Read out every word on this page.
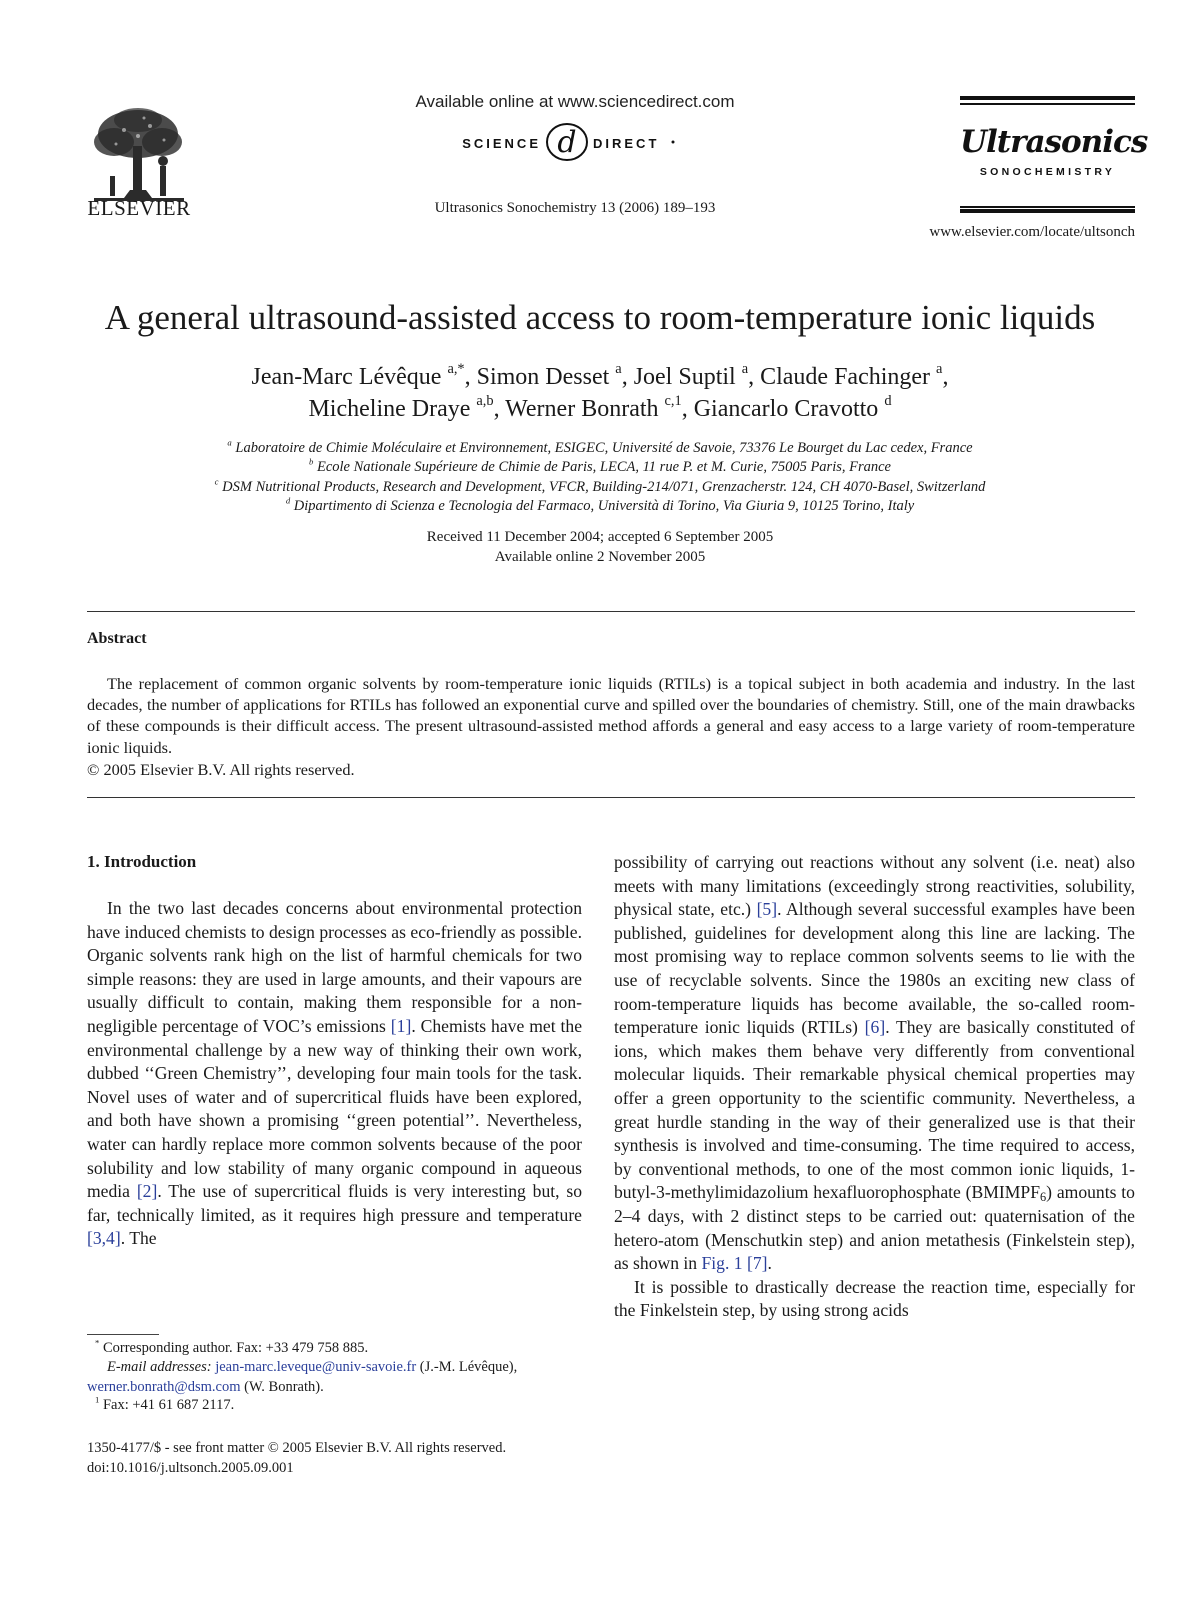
ELSEVIER
Available online at www.sciencedirect.com
SCIENCE d DIRECT
Ultrasonics Sonochemistry 13 (2006) 189–193
Ultrasonics
SONOCHEMISTRY
www.elsevier.com/locate/ultsonch
A general ultrasound-assisted access to room-temperature ionic liquids
Jean-Marc Lévêque $^{a,*}$, Simon Desset $^a$, Joel Suptil $^a$, Claude Fachinger $^a$,
Micheline Draye $^{a,b}$, Werner Bonrath $^{c,1}$, Giancarlo Cravotto $^d$
$^a$ Laboratoire de Chimie Moléculaire et Environnement, ESIGEC, Université de Savoie, 73376 Le Bourget du Lac cedex, France
$^b$ Ecole Nationale Supérieure de Chimie de Paris, LECA, 11 rue P. et M. Curie, 75005 Paris, France
$^c$ DSM Nutritional Products, Research and Development, VFCR, Building-214/071, Grenzacherstr. 124, CH 4070-Basel, Switzerland
$^d$ Dipartimento di Scienza e Tecnologia del Farmaco, Università di Torino, Via Giuria 9, 10125 Torino, Italy
Received 11 December 2004; accepted 6 September 2005
Available online 2 November 2005
Abstract
The replacement of common organic solvents by room-temperature ionic liquids (RTILs) is a topical subject in both academia and industry. In the last decades, the number of applications for RTILs has followed an exponential curve and spilled over the boundaries of chemistry. Still, one of the main drawbacks of these compounds is their difficult access. The present ultrasound-assisted method affords a general and easy access to a large variety of room-temperature ionic liquids.
© 2005 Elsevier B.V. All rights reserved.
1. Introduction
In the two last decades concerns about environmental protection have induced chemists to design processes as eco-friendly as possible. Organic solvents rank high on the list of harmful chemicals for two simple reasons: they are used in large amounts, and their vapours are usually difficult to contain, making them responsible for a non-negligible percentage of VOC’s emissions [1]. Chemists have met the environmental challenge by a new way of thinking their own work, dubbed ‘‘Green Chemistry’’, developing four main tools for the task. Novel uses of water and of supercritical fluids have been explored, and both have shown a promising ‘‘green potential’’. Nevertheless, water can hardly replace more common solvents because of the poor solubility and low stability of many organic compound in aqueous media [2]. The use of supercritical fluids is very interesting but, so far, technically limited, as it requires high pressure and temperature [3,4]. The

possibility of carrying out reactions without any solvent (i.e. neat) also meets with many limitations (exceedingly strong reactivities, solubility, physical state, etc.) [5]. Although several successful examples have been published, guidelines for development along this line are lacking. The most promising way to replace common solvents seems to lie with the use of recyclable solvents. Since the 1980s an exciting new class of room-temperature liquids has become available, the so-called room-temperature ionic liquids (RTILs) [6]. They are basically constituted of ions, which makes them behave very differently from conventional molecular liquids. Their remarkable physical chemical properties may offer a green opportunity to the scientific community. Nevertheless, a great hurdle standing in the way of their generalized use is that their synthesis is involved and time-consuming. The time required to access, by conventional methods, to one of the most common ionic liquids, 1-butyl-3-methylimidazolium hexafluorophosphate $(BMIMPF_6)$ amounts to 2–4 days, with 2 distinct steps to be carried out: quaternisation of the hetero-atom (Menschutkin step) and anion metathesis (Finkelstein step), as shown in Fig. 1 [7].

It is possible to drastically decrease the reaction time, especially for the Finkelstein step, by using strong acids

* Corresponding author. Fax: +33 479 758 885.
E-mail addresses: jean-marc.leveque@univ-savoie.fr (J.-M. Lévêque), werner.bonrath@dsm.com (W. Bonrath).
$^1$ Fax: +41 61 687 2117.
1350-4177/$ - see front matter © 2005 Elsevier B.V. All rights reserved.
doi:10.1016/j.ultsonch.2005.09.001
